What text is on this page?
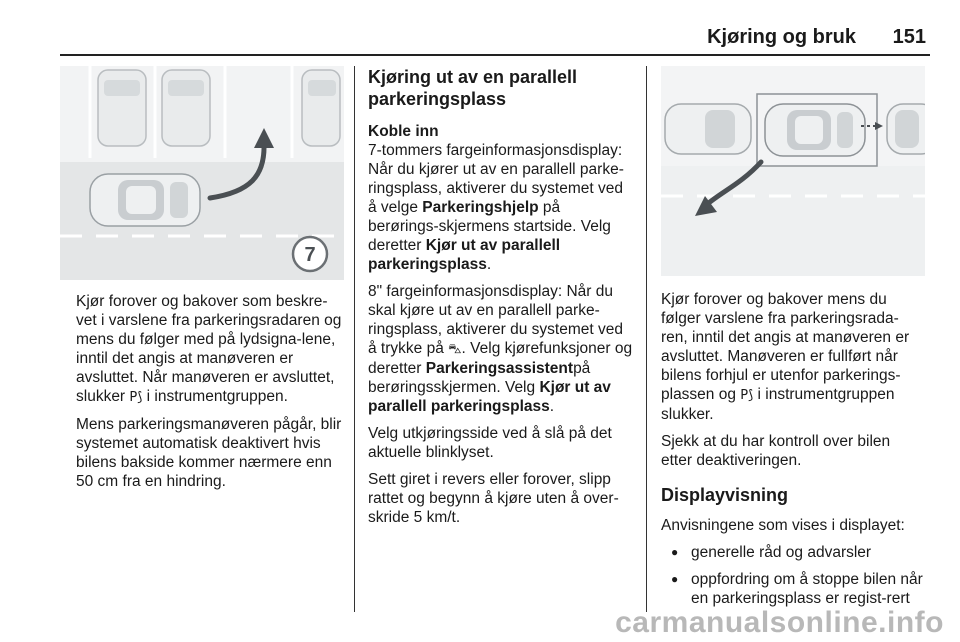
Kjøring og bruk 151
7

Kjør forover og bakover som beskre-vet i varslene fra parkeringsradaren og mens du følger med på lydsigna-lene, inntil det angis at manøveren er avsluttet. Når manøveren er avsluttet, slukker P⟆ i instrumentgruppen.

Mens parkeringsmanøveren pågår, blir systemet automatisk deaktivert hvis bilens bakside kommer nærmere enn 50 cm fra en hindring.

Kjøring ut av en parallell parkeringsplass
Koble inn

7-tommers fargeinformasjonsdisplay: Når du kjører ut av en parallell parke-ringsplass, aktiverer du systemet ved å velge Parkeringshjelp på berørings-skjermens startside. Velg deretter Kjør ut av parallell parkeringsplass.

8" fargeinformasjonsdisplay: Når du skal kjøre ut av en parallell parke-ringsplass, aktiverer du systemet ved å trykke på ⛍. Velg kjørefunksjoner og deretter Parkeringsassistentpå berøringsskjermen. Velg Kjør ut av parallell parkeringsplass.

Velg utkjøringsside ved å slå på det aktuelle blinklyset.

Sett giret i revers eller forover, slipp rattet og begynn å kjøre uten å over-skride 5 km/t.

Kjør forover og bakover mens du følger varslene fra parkeringsrada-ren, inntil det angis at manøveren er avsluttet. Manøveren er fullført når bilens forhjul er utenfor parkerings-plassen og P⟆ i instrumentgruppen slukker.

Sjekk at du har kontroll over bilen etter deaktiveringen.

Displayvisning

Anvisningene som vises i displayet:

● generelle råd og advarsler
● oppfordring om å stoppe bilen når en parkeringsplass er regist-rert
carmanualsonline.info
